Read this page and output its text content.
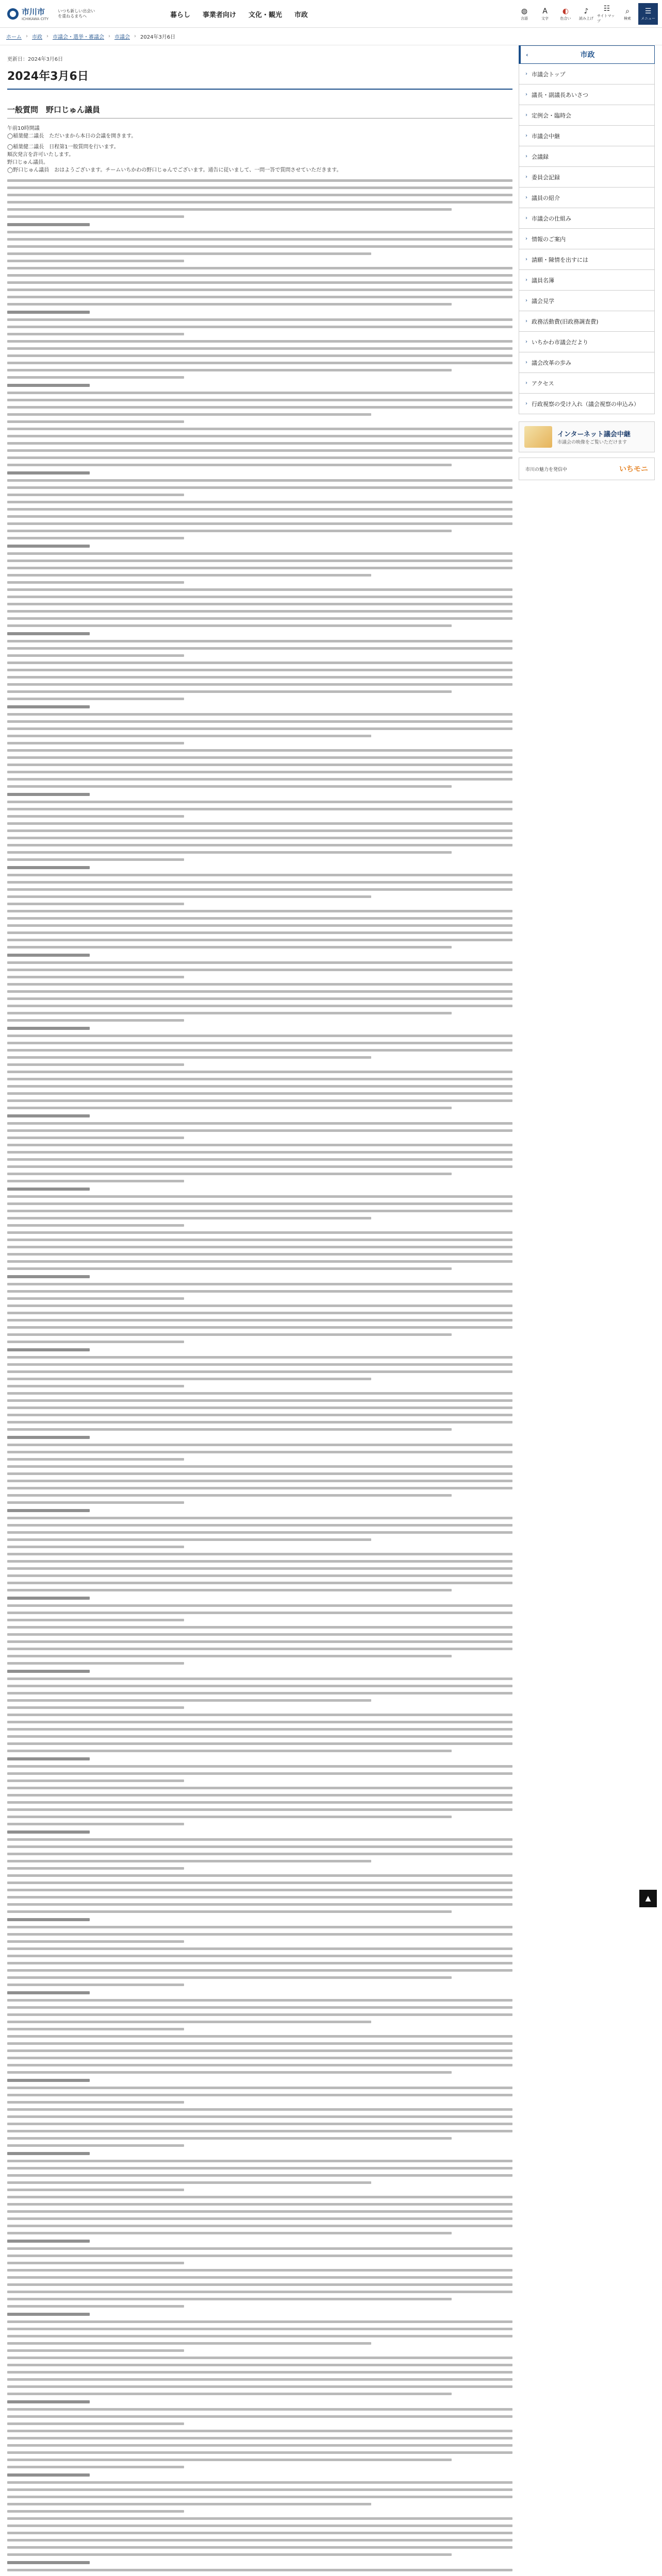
市川市
ICHIKAWA CITY
いつも新しい出会い
を重ねるまちへ	暮らし 事業者向け 文化・観光 市政	◍
言語
A
文字
◐
色合い
♪
読み上げ
☷
サイトマップ
⌕
検索
☰
メニュー
ホーム › 市政 › 市議会・選挙・審議会 › 市議会 › 2024年3月6日
更新日：2024年3月6日
2024年3月6日
一般質問　野口じゅん議員

午前10時開議

◯稲葉健二議長　ただいまから本日の会議を開きます。

◯稲葉健二議長　日程第1一般質問を行います。

順次発言を許可いたします。

野口じゅん議員。

◯野口じゅん議員　おはようございます。チームいちかわの野口じゅんでございます。通告に従いまして、一問一答で質問させていただきます。

‹	市政
› 市議会トップ
› 議長・副議長あいさつ
› 定例会・臨時会
› 市議会中継
› 会議録
› 委員会記録
› 議員の紹介
› 市議会の仕組み
› 情報のご案内
› 請願・陳情を出すには
› 議員名簿
› 議会見学
› 政務活動費(旧政務調査費)
› いちかわ市議会だより
› 議会改革の歩み
› アクセス
› 行政視察の受け入れ（議会視察の申込み）
インターネット議会中継
市議会の映像をご覧いただけます
市川の魅力を発信中	いちモニ
▲
